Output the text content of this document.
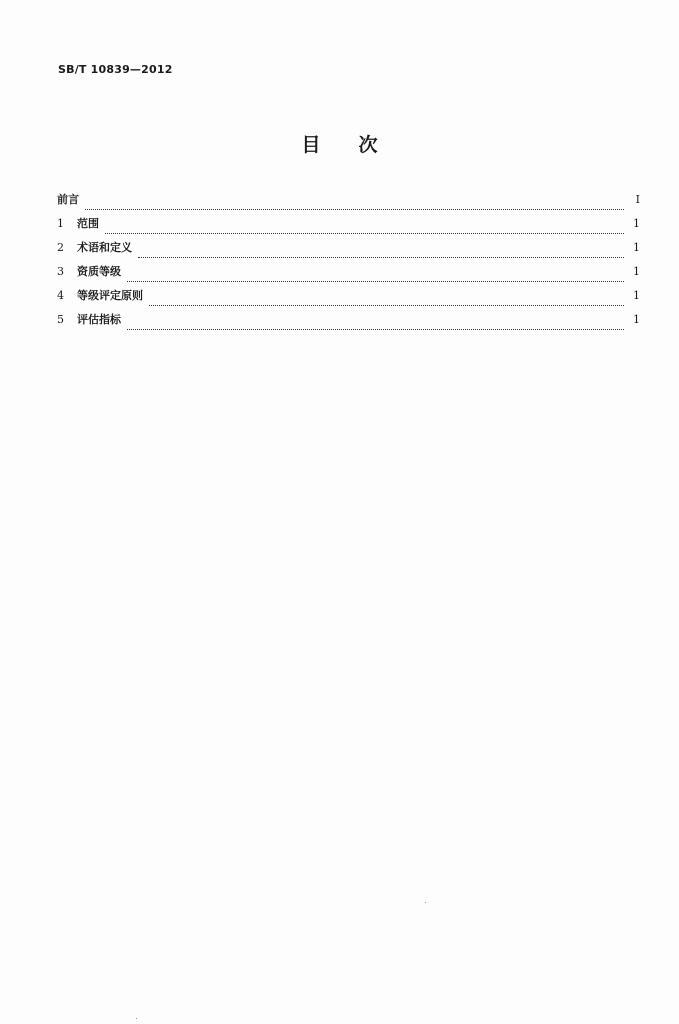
SB/T 10839—2012
目次
前言	Ⅰ
1	范围	1
2	术语和定义	1
3	资质等级	1
4	等级评定原则	1
5	评估指标	1
